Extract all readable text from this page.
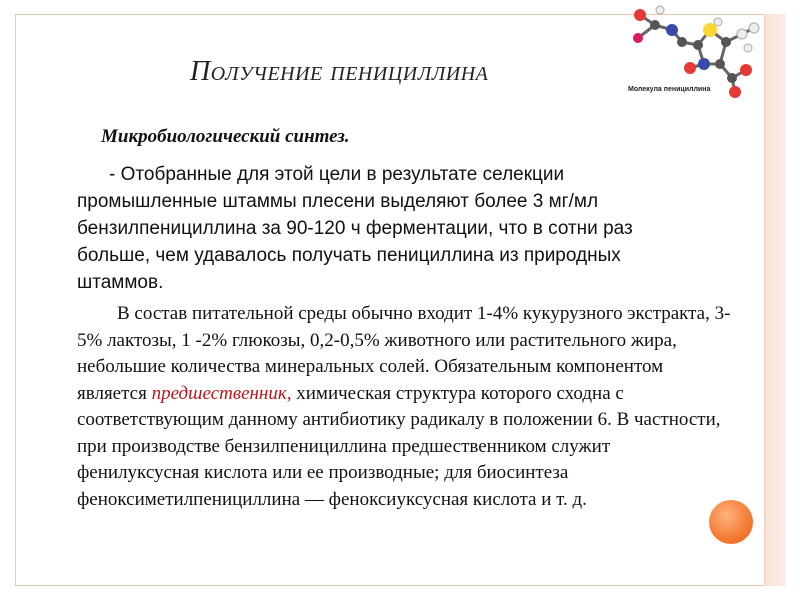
Получение пенициллина
Молекула пенициллина
Микробиологический синтез.
- Отобранные для этой цели в результате селекции промышленные штаммы плесени выделяют более 3 мг/мл бензилпенициллина за 90-120 ч ферментации, что в сотни раз больше, чем удавалось получать пенициллина из природных штаммов.
В состав питательной среды обычно входит 1-4% кукурузного экстракта, 3-5% лактозы, 1 -2% глюкозы, 0,2-0,5% животного или растительного жира, небольшие количества минеральных солей. Обязательным компонентом является предшественник, химическая структура которого сходна с соответствующим данному антибиотику радикалу в положении 6. В частности, при производстве бензилпенициллина предшественником служит фенилуксусная кислота или ее производные; для биосинтеза феноксиметилпенициллина — феноксиуксусная кислота и т. д.
